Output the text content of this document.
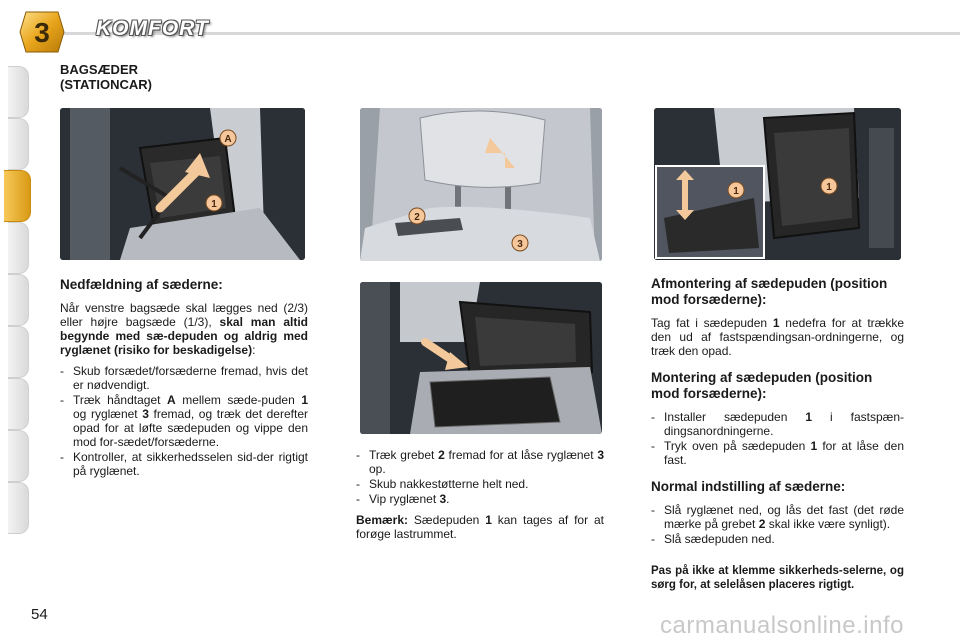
3 KOMFORT
BAGSÆDER
(STATIONCAR)
A
1
2
3
1	1
Nedfældning af sæderne:

Når venstre bagsæde skal lægges ned (2/3) eller højre bagsæde (1/3), skal man altid begynde med sæ-depuden og aldrig med ryglænet (risiko for beskadigelse):

- Skub forsædet/forsæderne fremad, hvis det er nødvendigt.
- Træk håndtaget A mellem sæde-puden 1 og ryglænet 3 fremad, og træk det derefter opad for at løfte sædepuden og vippe den mod for-sædet/forsæderne.
- Kontroller, at sikkerhedsselen sid-der rigtigt på ryglænet.
- Træk grebet 2 fremad for at låse ryglænet 3 op.
- Skub nakkestøtterne helt ned.
- Vip ryglænet 3.

Bemærk: Sædepuden 1 kan tages af for at forøge lastrummet.

Afmontering af sædepuden (position mod forsæderne):

Tag fat i sædepuden 1 nedefra for at trække den ud af fastspændingsan-ordningerne, og træk den opad.

Montering af sædepuden (position mod forsæderne):
- Installer sædepuden 1 i fastspæn-dingsanordningerne.
- Tryk oven på sædepuden 1 for at låse den fast.
Normal indstilling af sæderne:
- Slå ryglænet ned, og lås det fast (det røde mærke på grebet 2 skal ikke være synligt).
- Slå sædepuden ned.

Pas på ikke at klemme sikkerheds-selerne, og sørg for, at selelåsen placeres rigtigt.

54	carmanualsonline.info
